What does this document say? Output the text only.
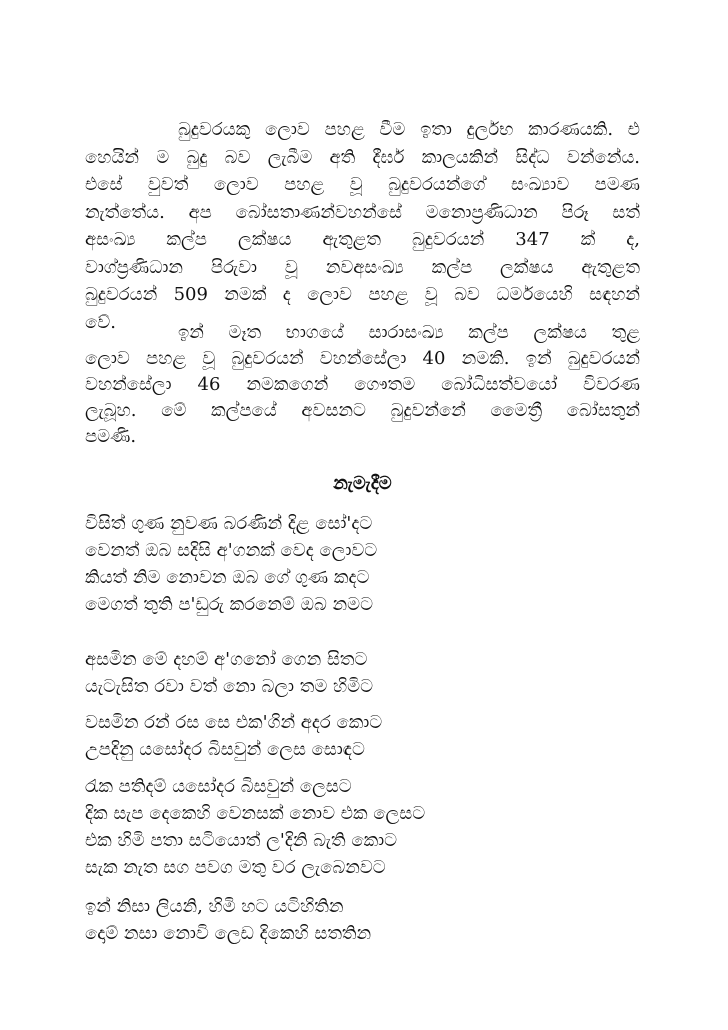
බුදුවරයකු ලොව පහළ වීම ඉතා දුර්ලභ කාරණයකි. එ
හෙයින් ම බුදු බව ලැබීම අති දීර්ඝ කාලයකින් සිද්ධ වන්නේය.
එසේ වුවත් ලොව පහළ වූ බුදුවරයන්ගේ සංඛ්‍යාව පමණ
නැත්තේය. අප බෝසතාණන්වහන්සේ මනොප්‍රණිධාන පිරූ සත්
අසංඛ්‍ය කල්ප ලක්ෂය ඇතුළත බුදුවරයන් 347 ක් ද,
වාග්ප්‍රණිධාන පිරුවා වූ නවඅසංඛ්‍ය කල්ප ලක්ෂය ඇතුළත
බුදුවරයන් 509 නමක් ද ලොව පහළ වූ බව ධර්මයෙහි සඳහන්
වේ.	ඉන් මෑත භාගයේ සාරාසංඛ්‍ය කල්ප ලක්ෂය තුළ
ලොව පහළ වූ බුදුවරයන් වහන්සේලා 40 නමකි. ඉන් බුදුවරයන්
වහන්සේලා 46 නමකගෙන් ගෞතම බෝධිසත්වයෝ විවරණ
ලැබූහ. මේ කල්පයේ අවසනට බුදුවන්නේ මෛත්‍රී බෝසතුන්
පමණි.
නැමැදීම
විසිත් ගුණ නුවණ බරණින් දිළ සෝ'දට
වෙනත් ඔබ සදිසි අ'ගනක් වෙද ලොවට
කියත් නිම නොවන ඔබ ගේ ගුණ කදට
මෙගත් තුති ප'ඩුරු කරනෙම් ඔබ නමට
අසමින මේ දහම් අ'ගනෝ ගෙන සිතට
යැටැසිත රවා වත් නො බලා තම හිමිට
වසමින රන් රස සෙ එක'ගින් අදර කොට
උපදිනු යසෝදර බිසවුන් ලෙස සොඳට
රැක පතිදම් යසෝදර බිසවුන් ලෙසට
දික සැප දෙකෙහි වෙනසක් නොව එක ලෙසට
එක හිමි පතා සටියොත් ල'දිනි බැති කොට
සැක නැත සග පවග මතු වර ලැබෙනවට
ඉන් නිසා ලියනි, හිමි හට යටිහිතින
දොම් නසා නොවි ලෙඩ දිකෙහි සතතින
